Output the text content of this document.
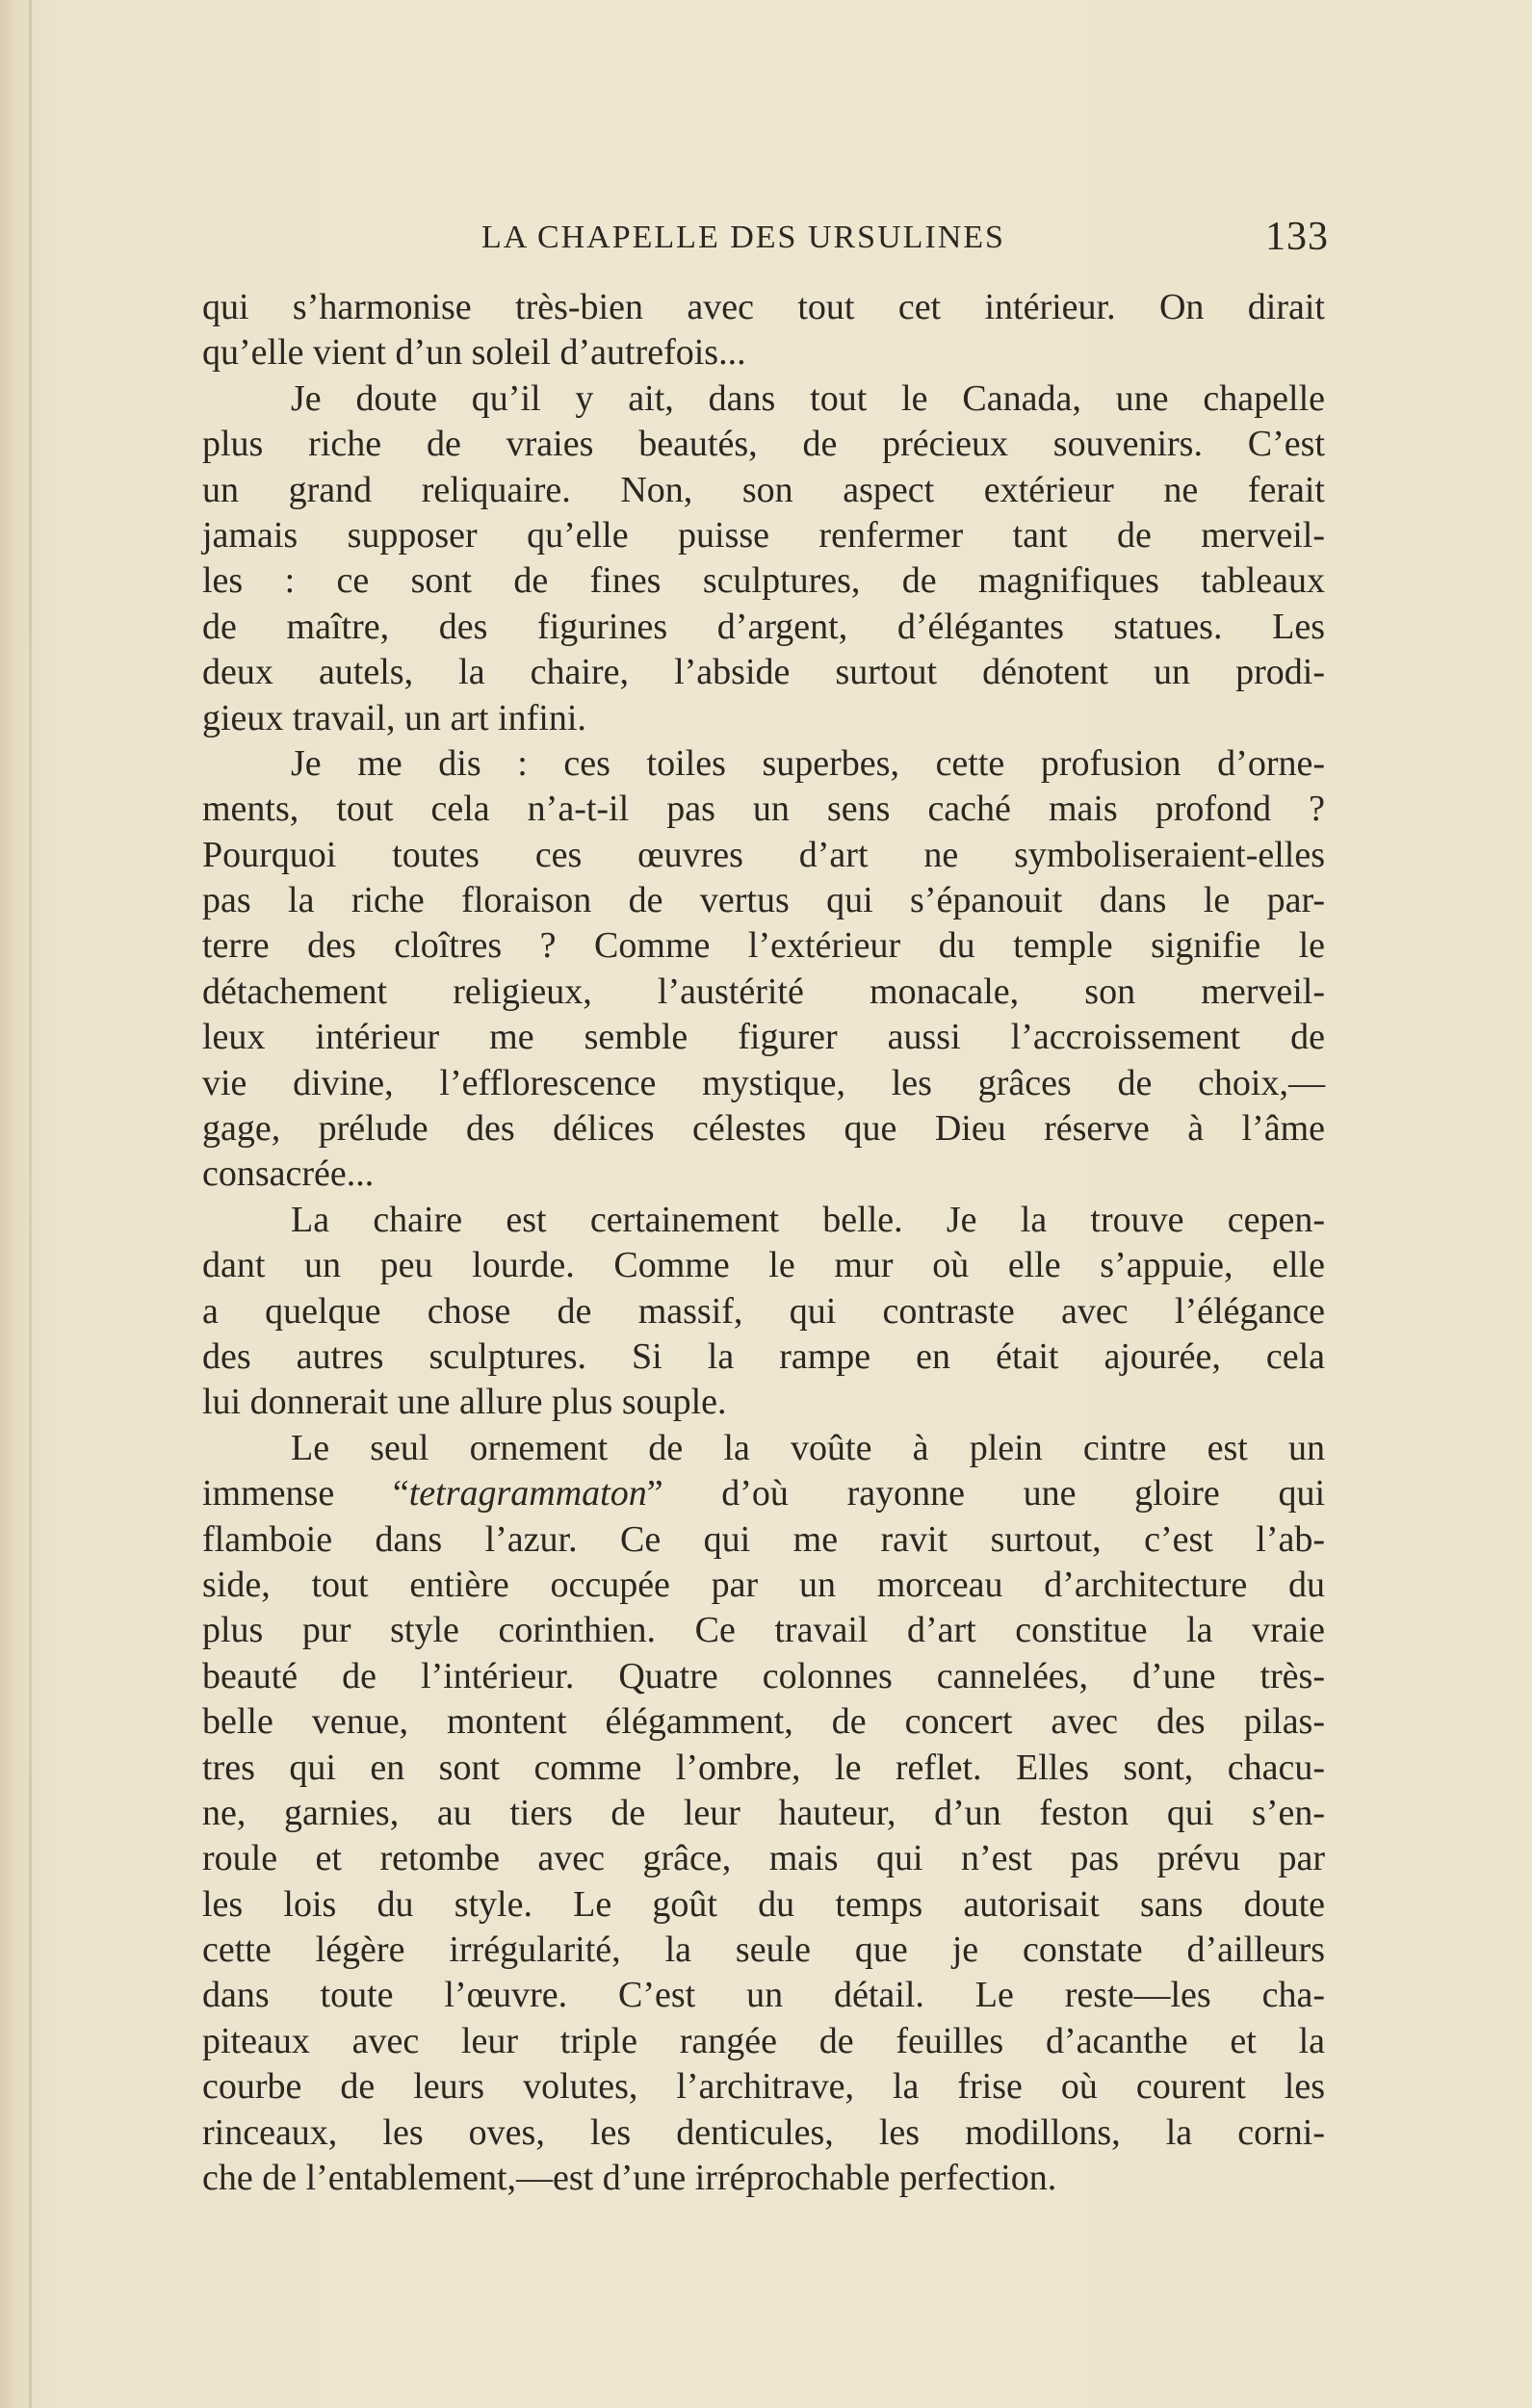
LA CHAPELLE DES URSULINES	133
qui s’harmonise très-bien avec tout cet intérieur. On dirait
qu’elle vient d’un soleil d’autrefois...
Je doute qu’il y ait, dans tout le Canada, une chapelle
plus riche de vraies beautés, de précieux souvenirs. C’est
un grand reliquaire. Non, son aspect extérieur ne ferait
jamais supposer qu’elle puisse renfermer tant de merveil-
les : ce sont de fines sculptures, de magnifiques tableaux
de maître, des figurines d’argent, d’élégantes statues. Les
deux autels, la chaire, l’abside surtout dénotent un prodi-
gieux travail, un art infini.
Je me dis : ces toiles superbes, cette profusion d’orne-
ments, tout cela n’a-t-il pas un sens caché mais profond ?
Pourquoi toutes ces œuvres d’art ne symboliseraient-elles
pas la riche floraison de vertus qui s’épanouit dans le par-
terre des cloîtres ? Comme l’extérieur du temple signifie le
détachement religieux, l’austérité monacale, son merveil-
leux intérieur me semble figurer aussi l’accroissement de
vie divine, l’efflorescence mystique, les grâces de choix,—
gage, prélude des délices célestes que Dieu réserve à l’âme
consacrée...
La chaire est certainement belle. Je la trouve cepen-
dant un peu lourde. Comme le mur où elle s’appuie, elle
a quelque chose de massif, qui contraste avec l’élégance
des autres sculptures. Si la rampe en était ajourée, cela
lui donnerait une allure plus souple.
Le seul ornement de la voûte à plein cintre est un
immense “tetragrammaton” d’où rayonne une gloire qui
flamboie dans l’azur. Ce qui me ravit surtout, c’est l’ab-
side, tout entière occupée par un morceau d’architecture du
plus pur style corinthien. Ce travail d’art constitue la vraie
beauté de l’intérieur. Quatre colonnes cannelées, d’une très-
belle venue, montent élégamment, de concert avec des pilas-
tres qui en sont comme l’ombre, le reflet. Elles sont, chacu-
ne, garnies, au tiers de leur hauteur, d’un feston qui s’en-
roule et retombe avec grâce, mais qui n’est pas prévu par
les lois du style. Le goût du temps autorisait sans doute
cette légère irrégularité, la seule que je constate d’ailleurs
dans toute l’œuvre. C’est un détail. Le reste—les cha-
piteaux avec leur triple rangée de feuilles d’acanthe et la
courbe de leurs volutes, l’architrave, la frise où courent les
rinceaux, les oves, les denticules, les modillons, la corni-
che de l’entablement,—est d’une irréprochable perfection.
